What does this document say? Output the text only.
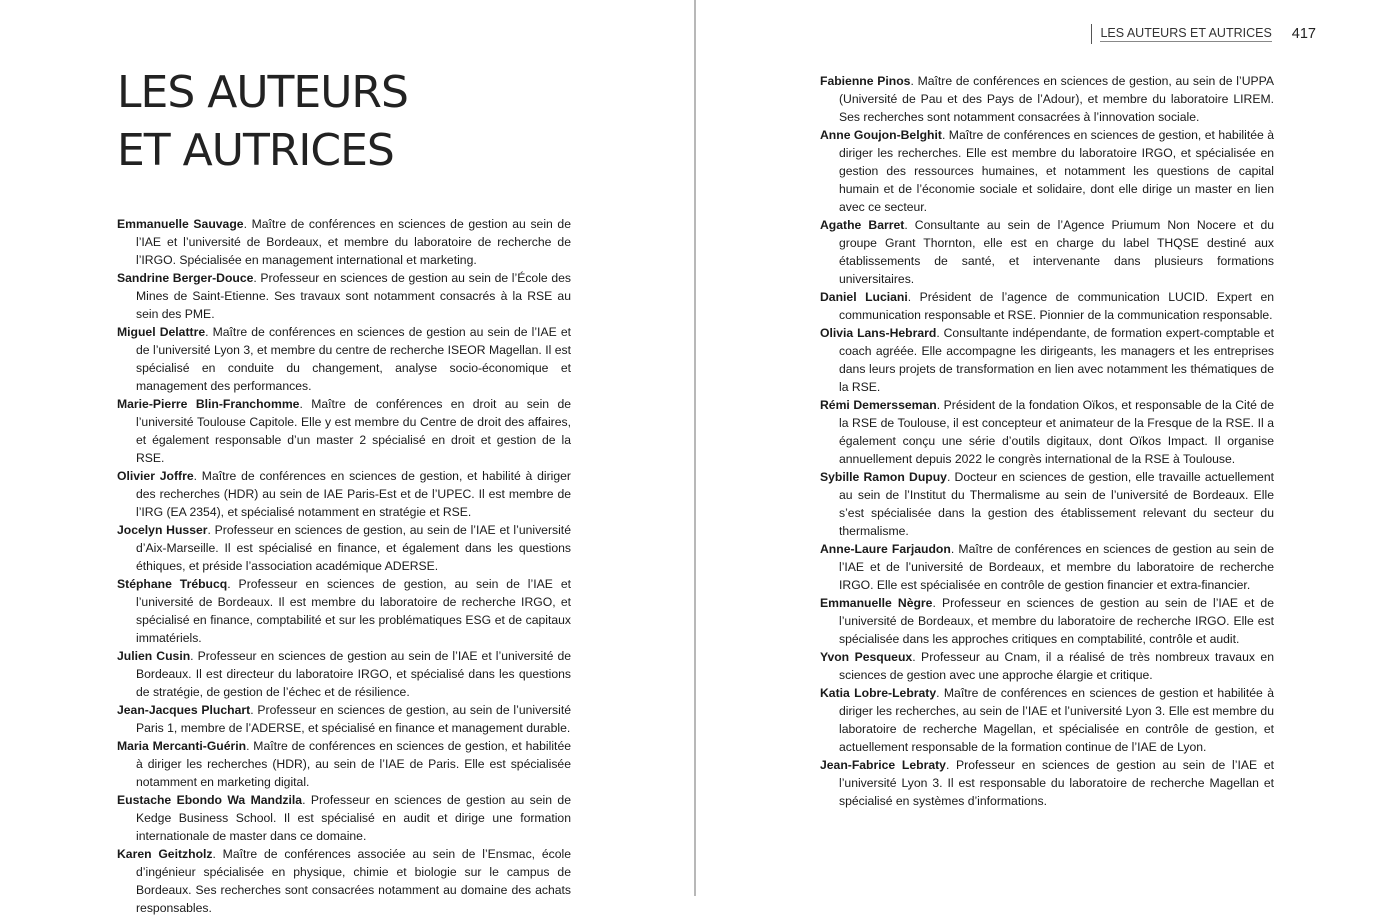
LES AUTEURS
ET AUTRICES

Emmanuelle Sauvage. Maître de conférences en sciences de gestion au sein de l’IAE et l’université de Bordeaux, et membre du laboratoire de recherche de l’IRGO. Spécialisée en management international et marketing.

Sandrine Berger-Douce. Professeur en sciences de gestion au sein de l’École des Mines de Saint-Etienne. Ses travaux sont notamment consacrés à la RSE au sein des PME.

Miguel Delattre. Maître de conférences en sciences de gestion au sein de l’IAE et de l’université Lyon 3, et membre du centre de recherche ISEOR Magellan. Il est spécialisé en conduite du changement, analyse socio-économique et management des performances.

Marie-Pierre Blin-Franchomme. Maître de conférences en droit au sein de l’université Toulouse Capitole. Elle y est membre du Centre de droit des affaires, et également responsable d’un master 2 spécialisé en droit et gestion de la RSE.

Olivier Joffre. Maître de conférences en sciences de gestion, et habilité à diriger des recherches (HDR) au sein de IAE Paris-Est et de l’UPEC. Il est membre de l’IRG (EA 2354), et spécialisé notamment en stratégie et RSE.

Jocelyn Husser. Professeur en sciences de gestion, au sein de l’IAE et l’université d’Aix-Marseille. Il est spécialisé en finance, et également dans les questions éthiques, et préside l’association académique ADERSE.

Stéphane Trébucq. Professeur en sciences de gestion, au sein de l’IAE et l’université de Bordeaux. Il est membre du laboratoire de recherche IRGO, et spécialisé en finance, comptabilité et sur les problématiques ESG et de capitaux immatériels.

Julien Cusin. Professeur en sciences de gestion au sein de l’IAE et l’université de Bordeaux. Il est directeur du laboratoire IRGO, et spécialisé dans les questions de stratégie, de gestion de l’échec et de résilience.

Jean-Jacques Pluchart. Professeur en sciences de gestion, au sein de l’université Paris 1, membre de l’ADERSE, et spécialisé en finance et management durable.

Maria Mercanti-Guérin. Maître de conférences en sciences de gestion, et habilitée à diriger les recherches (HDR), au sein de l’IAE de Paris. Elle est spécialisée notamment en marketing digital.

Eustache Ebondo Wa Mandzila. Professeur en sciences de gestion au sein de Kedge Business School. Il est spécialisé en audit et dirige une formation internationale de master dans ce domaine.

Karen Geitzholz. Maître de conférences associée au sein de l’Ensmac, école d’ingénieur spécialisée en physique, chimie et biologie sur le campus de Bordeaux. Ses recherches sont consacrées notamment au domaine des achats responsables.

LES AUTEURS ET AUTRICES 417

Fabienne Pinos. Maître de conférences en sciences de gestion, au sein de l’UPPA (Université de Pau et des Pays de l’Adour), et membre du laboratoire LIREM. Ses recherches sont notamment consacrées à l’innovation sociale.

Anne Goujon-Belghit. Maître de conférences en sciences de gestion, et habilitée à diriger les recherches. Elle est membre du laboratoire IRGO, et spécialisée en gestion des ressources humaines, et notamment les questions de capital humain et de l’économie sociale et solidaire, dont elle dirige un master en lien avec ce secteur.

Agathe Barret. Consultante au sein de l’Agence Priumum Non Nocere et du groupe Grant Thornton, elle est en charge du label THQSE destiné aux établissements de santé, et intervenante dans plusieurs formations universitaires.

Daniel Luciani. Président de l’agence de communication LUCID. Expert en communication responsable et RSE. Pionnier de la communication responsable.

Olivia Lans-Hebrard. Consultante indépendante, de formation expert-comptable et coach agréée. Elle accompagne les dirigeants, les managers et les entreprises dans leurs projets de transformation en lien avec notamment les thématiques de la RSE.

Rémi Demersseman. Président de la fondation Oïkos, et responsable de la Cité de la RSE de Toulouse, il est concepteur et animateur de la Fresque de la RSE. Il a également conçu une série d’outils digitaux, dont Oïkos Impact. Il organise annuellement depuis 2022 le congrès international de la RSE à Toulouse.

Sybille Ramon Dupuy. Docteur en sciences de gestion, elle travaille actuellement au sein de l’Institut du Thermalisme au sein de l’université de Bordeaux. Elle s’est spécialisée dans la gestion des établissement relevant du secteur du thermalisme.

Anne-Laure Farjaudon. Maître de conférences en sciences de gestion au sein de l’IAE et de l’université de Bordeaux, et membre du laboratoire de recherche IRGO. Elle est spécialisée en contrôle de gestion financier et extra-financier.

Emmanuelle Nègre. Professeur en sciences de gestion au sein de l’IAE et de l’université de Bordeaux, et membre du laboratoire de recherche IRGO. Elle est spécialisée dans les approches critiques en comptabilité, contrôle et audit.

Yvon Pesqueux. Professeur au Cnam, il a réalisé de très nombreux travaux en sciences de gestion avec une approche élargie et critique.

Katia Lobre-Lebraty. Maître de conférences en sciences de gestion et habilitée à diriger les recherches, au sein de l’IAE et l’université Lyon 3. Elle est membre du laboratoire de recherche Magellan, et spécialisée en contrôle de gestion, et actuellement responsable de la formation continue de l’IAE de Lyon.

Jean-Fabrice Lebraty. Professeur en sciences de gestion au sein de l’IAE et l’université Lyon 3. Il est responsable du laboratoire de recherche Magellan et spécialisé en systèmes d’informations.
